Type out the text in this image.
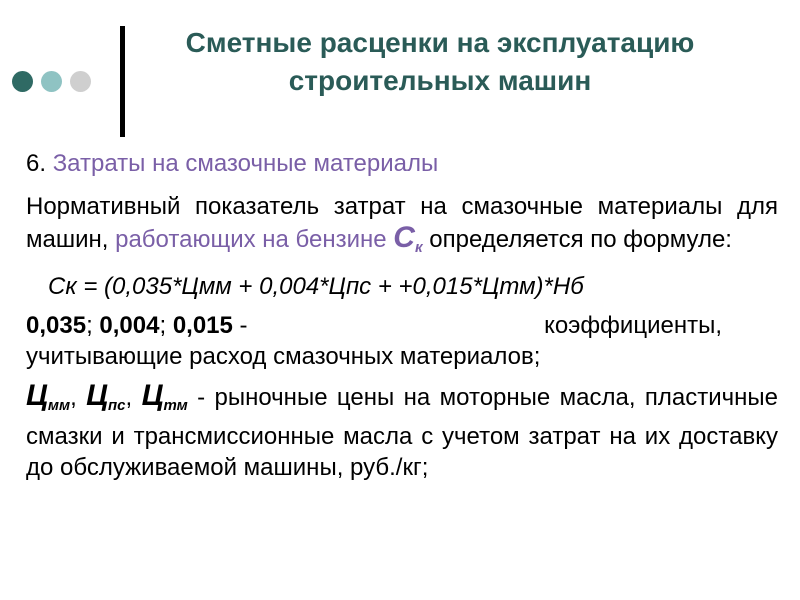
Сметные расценки на эксплуатацию строительных машин

6. Затраты на смазочные материалы

Нормативный показатель затрат на смазочные материалы для машин, работающих на бензине $С_к$ определяется по формуле:

Ск = (0,035*Цмм + 0,004*Цпс + +0,015*Цтм)*Нб

0,035; 0,004; 0,015 -	коэффициенты,
учитывающие расход смазочных материалов;

$Ц_{мм}$, $Ц_{пс}$, $Ц_{тм}$ - рыночные цены на моторные масла, пластичные смазки и трансмиссионные масла с учетом затрат на их доставку до обслуживаемой машины, руб./кг;
